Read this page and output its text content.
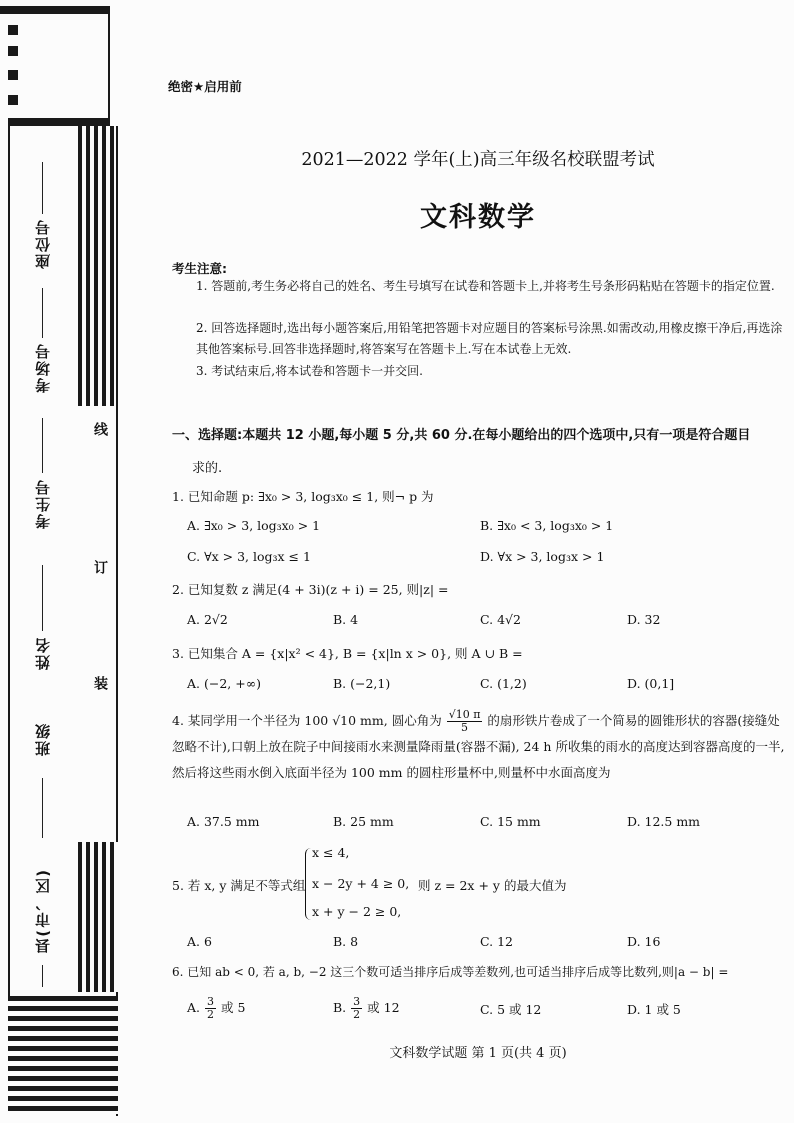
座位号
考场号
考生号
姓名
班级
县(市、区)
线
订
装
绝密★启用前
2021—2022 学年(上)高三年级名校联盟考试
文科数学
考生注意:
1. 答题前,考生务必将自己的姓名、考生号填写在试卷和答题卡上,并将考生号条形码粘贴在答题卡的指定位置.
2. 回答选择题时,选出每小题答案后,用铅笔把答题卡对应题目的答案标号涂黑.如需改动,用橡皮擦干净后,再选涂其他答案标号.回答非选择题时,将答案写在答题卡上.写在本试卷上无效.
3. 考试结束后,将本试卷和答题卡一并交回.
一、选择题:本题共 12 小题,每小题 5 分,共 60 分.在每小题给出的四个选项中,只有一项是符合题目
求的.
1. 已知命题 p: ∃x₀ > 3, log₃x₀ ≤ 1, 则¬ p 为
A. ∃x₀ > 3, log₃x₀ > 1	B. ∃x₀ < 3, log₃x₀ > 1
C. ∀x > 3, log₃x ≤ 1	D. ∀x > 3, log₃x > 1
2. 已知复数 z 满足(4 + 3i)(z + i) = 25, 则|z| =
A. 2√2	B. 4	C. 4√2	D. 32
3. 已知集合 A = {x|x² < 4}, B = {x|ln x > 0}, 则 A ∪ B =
A. (−2, +∞)	B. (−2,1)	C. (1,2)	D. (0,1]
4. 某同学用一个半径为 100 √10 mm, 圆心角为 $\frac{√10 \pi}{5}$ 的扇形铁片卷成了一个简易的圆锥形状的容器(接缝处忽略不计),口朝上放在院子中间接雨水来测量降雨量(容器不漏), 24 h 所收集的雨水的高度达到容器高度的一半,然后将这些雨水倒入底面半径为 100 mm 的圆柱形量杯中,则量杯中水面高度为
A. 37.5 mm	B. 25 mm	C. 15 mm	D. 12.5 mm
5. 若 x, y 满足不等式组
x ≤ 4,
x − 2y + 4 ≥ 0,
x + y − 2 ≥ 0,
则 z = 2x + y 的最大值为
A. 6	B. 8	C. 12	D. 16
6. 已知 ab < 0, 若 a, b, −2 这三个数可适当排序后成等差数列,也可适当排序后成等比数列,则|a − b| =
A. $\frac{3}{2}$ 或 5	B. $\frac{3}{2}$ 或 12	C. 5 或 12	D. 1 或 5
文科数学试题 第 1 页(共 4 页)
